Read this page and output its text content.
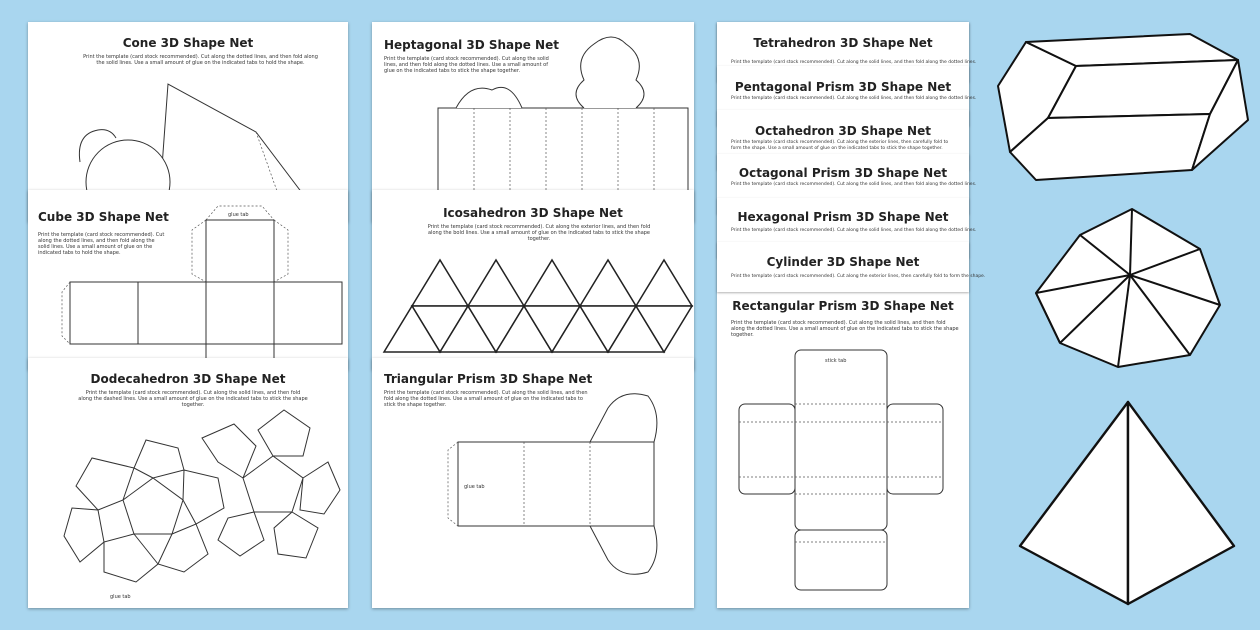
Cone 3D Shape Net

Print the template (card stock recommended). Cut along the dotted lines, and then fold along the solid lines. Use a small amount of glue on the indicated tabs to hold the shape.

Cube 3D Shape Net

Print the template (card stock recommended). Cut along the dotted lines, and then fold along the solid lines. Use a small amount of glue on the indicated tabs to hold the shape.

glue tab
Dodecahedron 3D Shape Net

Print the template (card stock recommended). Cut along the solid lines, and then fold along the dashed lines. Use a small amount of glue on the indicated tabs to stick the shape together.

glue tab
Heptagonal 3D Shape Net

Print the template (card stock recommended). Cut along the solid lines, and then fold along the dotted lines. Use a small amount of glue on the indicated tabs to stick the shape together.

Icosahedron 3D Shape Net

Print the template (card stock recommended). Cut along the exterior lines, and then fold along the bold lines. Use a small amount of glue on the indicated tabs to stick the shape together.

Triangular Prism 3D Shape Net

Print the template (card stock recommended). Cut along the solid lines, and then fold along the dotted lines. Use a small amount of glue on the indicated tabs to stick the shape together.

glue tab
Rectangular Prism 3D Shape Net

Print the template (card stock recommended). Cut along the solid lines, and then fold along the dotted lines. Use a small amount of glue on the indicated tabs to stick the shape together.

stick tab
Tetrahedron 3D Shape Net

Print the template (card stock recommended). Cut along the solid lines, and then fold along the dotted lines.

Pentagonal Prism 3D Shape Net

Print the template (card stock recommended). Cut along the solid lines, and then fold along the dotted lines.

Octahedron 3D Shape Net

Print the template (card stock recommended). Cut along the exterior lines, then carefully fold to form the shape. Use a small amount of glue on the indicated tabs to stick the shape together.

Octagonal Prism 3D Shape Net

Print the template (card stock recommended). Cut along the solid lines, and then fold along the dotted lines.

Hexagonal Prism 3D Shape Net

Print the template (card stock recommended). Cut along the solid lines, and then fold along the dotted lines.

Cylinder 3D Shape Net

Print the template (card stock recommended). Cut along the exterior lines, then carefully fold to form the shape.
